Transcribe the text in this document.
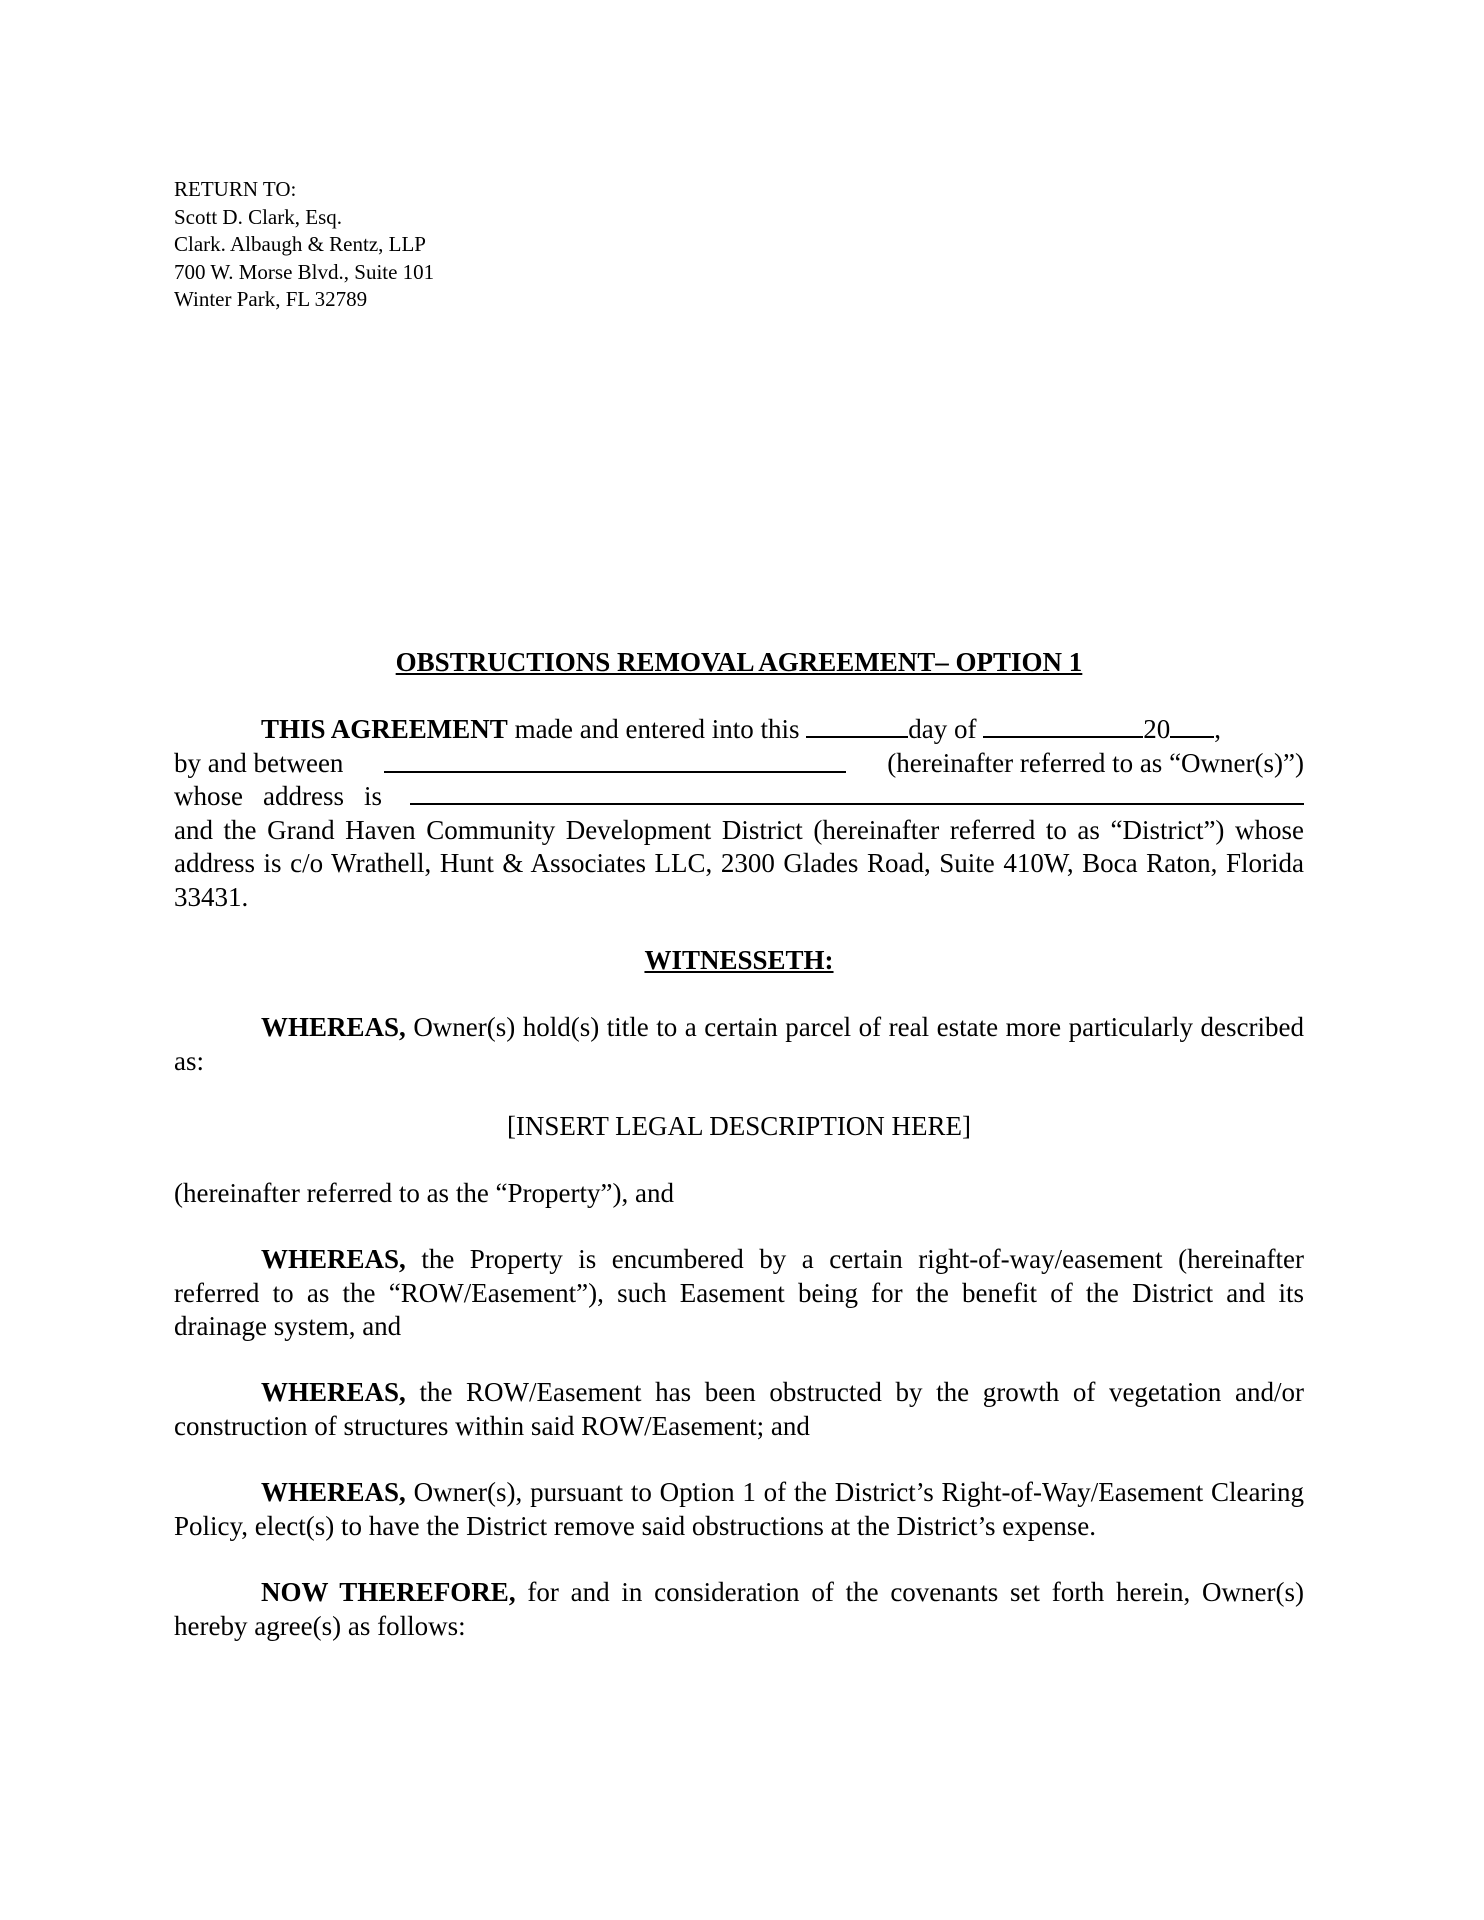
RETURN TO:
Scott D. Clark, Esq.
Clark. Albaugh & Rentz, LLP
700 W. Morse Blvd., Suite 101
Winter Park, FL 32789
OBSTRUCTIONS REMOVAL AGREEMENT– OPTION 1
THIS AGREEMENT made and entered into this	day of	20 ,
by and between	(hereinafter referred to as “Owner(s)”)
whose address is
and the Grand Haven Community Development District (hereinafter referred to as “District”) whose address is c/o Wrathell, Hunt & Associates LLC, 2300 Glades Road, Suite 410W, Boca Raton, Florida 33431.
WITNESSETH:
WHEREAS, Owner(s) hold(s) title to a certain parcel of real estate more particularly described as:
[INSERT LEGAL DESCRIPTION HERE]
(hereinafter referred to as the “Property”), and
WHEREAS, the Property is encumbered by a certain right-of-way/easement (hereinafter referred to as the “ROW/Easement”), such Easement being for the benefit of the District and its drainage system, and
WHEREAS, the ROW/Easement has been obstructed by the growth of vegetation and/or construction of structures within said ROW/Easement; and
WHEREAS, Owner(s), pursuant to Option 1 of the District’s Right-of-Way/Easement Clearing Policy, elect(s) to have the District remove said obstructions at the District’s expense.
NOW THEREFORE, for and in consideration of the covenants set forth herein, Owner(s) hereby agree(s) as follows:
